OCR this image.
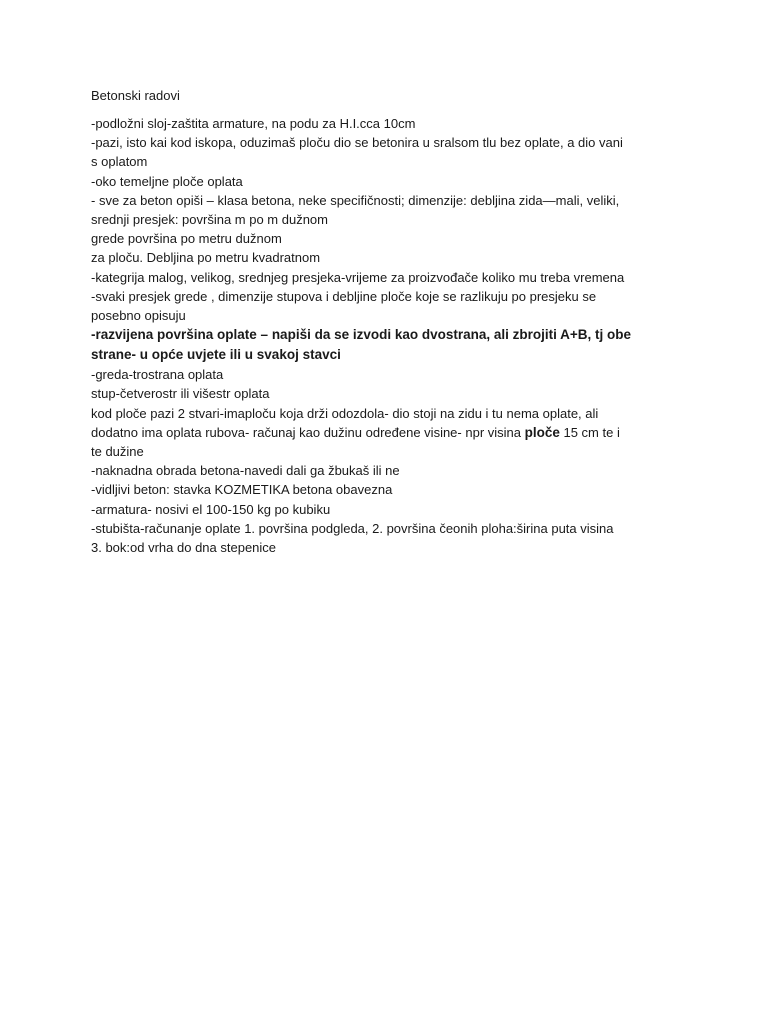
Betonski radovi

-podložni sloj-zaštita armature, na podu za H.I.cca 10cm

-pazi, isto kai kod iskopa, oduzimaš ploču dio se betonira u sralsom tlu bez oplate, a dio vani

s oplatom

-oko temeljne ploče oplata

- sve za beton opiši – klasa betona, neke specifičnosti; dimenzije: debljina zida—mali, veliki,

srednji presjek: površina m po m dužnom

grede površina po metru dužnom

za ploču. Debljina po metru kvadratnom

-kategrija malog, velikog, srednjeg presjeka-vrijeme za proizvođače koliko mu treba vremena

-svaki presjek grede , dimenzije stupova i debljine ploče koje se razlikuju po presjeku se

posebno opisuju

-razvijena površina oplate – napiši da se izvodi kao dvostrana, ali zbrojiti A+B, tj obe

strane- u opće uvjete ili u svakoj stavci

-greda-trostrana oplata

stup-četverostr ili višestr oplata

kod ploče pazi 2 stvari-imaploču koja drži odozdola- dio stoji na zidu i tu nema oplate, ali

dodatno ima oplata rubova- računaj kao dužinu određene visine- npr visina ploče 15 cm te i

te dužine

-naknadna obrada betona-navedi dali ga žbukaš ili ne

-vidljivi beton: stavka KOZMETIKA betona obavezna

-armatura- nosivi el 100-150 kg po kubiku

-stubišta-računanje oplate 1. površina podgleda, 2. površina čeonih ploha:širina puta visina

3. bok:od vrha do dna stepenice
